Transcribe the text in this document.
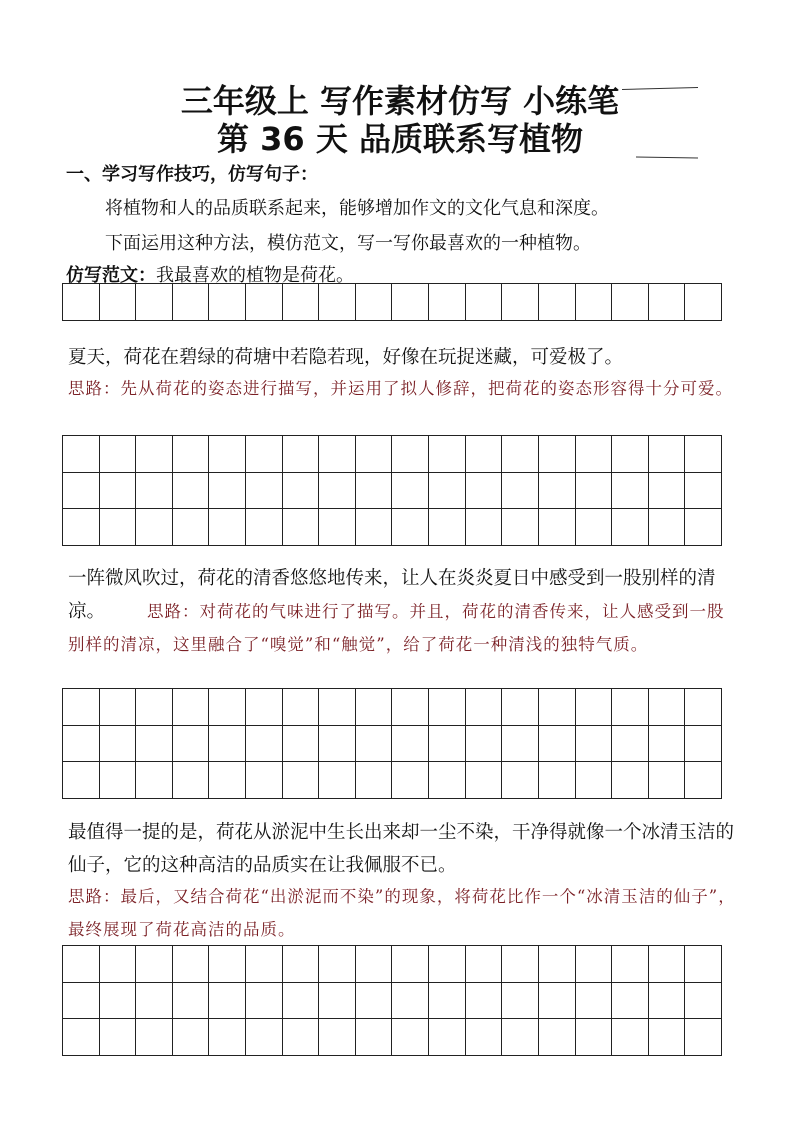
三年级上 写作素材仿写 小练笔
第 36 天 品质联系写植物
一、学习写作技巧，仿写句子：
将植物和人的品质联系起来，能够增加作文的文化气息和深度。
下面运用这种方法，模仿范文，写一写你最喜欢的一种植物。
仿写范文：我最喜欢的植物是荷花。
夏天，荷花在碧绿的荷塘中若隐若现，好像在玩捉迷藏，可爱极了。
思路：先从荷花的姿态进行描写，并运用了拟人修辞，把荷花的姿态形容得十分可爱。
一阵微风吹过，荷花的清香悠悠地传来，让人在炎炎夏日中感受到一股别样的清凉。	思路：对荷花的气味进行了描写。并且，荷花的清香传来，让人感受到一股别样的清凉，这里融合了“嗅觉”和“触觉”，给了荷花一种清浅的独特气质。
最值得一提的是，荷花从淤泥中生长出来却一尘不染，干净得就像一个冰清玉洁的仙子，它的这种高洁的品质实在让我佩服不已。
思路：最后，又结合荷花“出淤泥而不染”的现象，将荷花比作一个“冰清玉洁的仙子”，最终展现了荷花高洁的品质。
